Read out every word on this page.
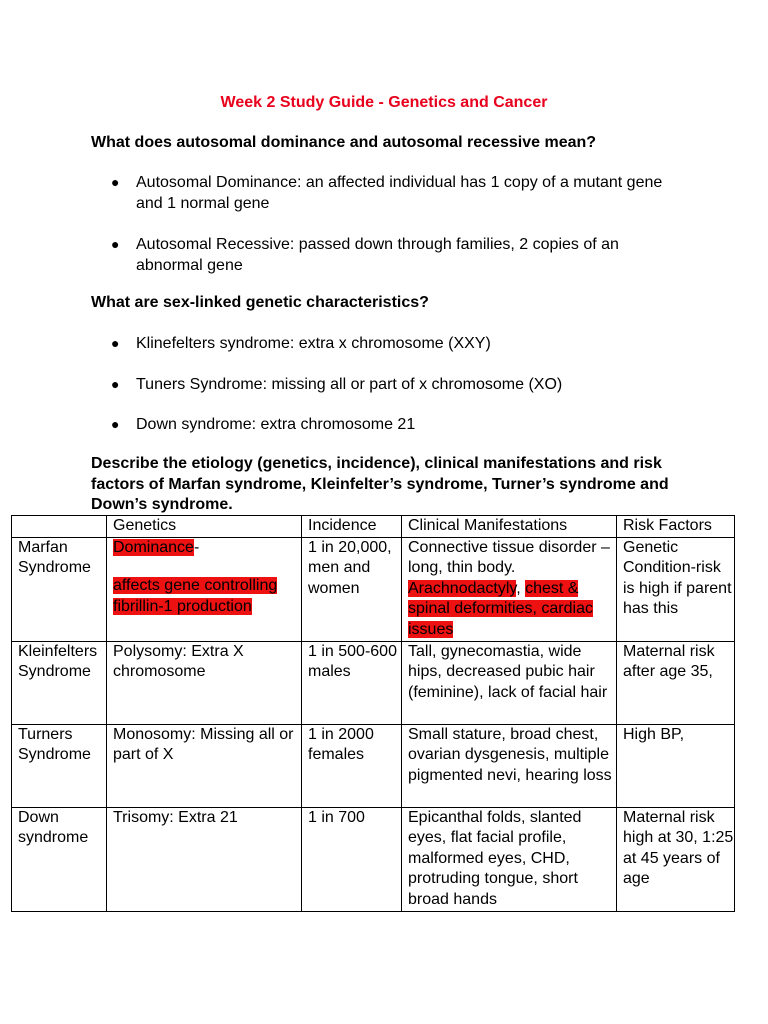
Week 2 Study Guide - Genetics and Cancer
What does autosomal dominance and autosomal recessive mean?
● Autosomal Dominance: an affected individual has 1 copy of a mutant gene and 1 normal gene
● Autosomal Recessive: passed down through families, 2 copies of an abnormal gene
What are sex-linked genetic characteristics?
● Klinefelters syndrome: extra x chromosome (XXY)
● Tuners Syndrome: missing all or part of x chromosome (XO)
● Down syndrome: extra chromosome 21
Describe the etiology (genetics, incidence), clinical manifestations and risk factors of Marfan syndrome, Kleinfelter’s syndrome, Turner’s syndrome and Down’s syndrome.
	Genetics	Incidence	Clinical Manifestations	Risk Factors
Marfan Syndrome	Dominance-
affects gene controlling fibrillin-1 production	1 in 20,000, men and women	Connective tissue disorder – long, thin body. Arachnodactyly, chest & spinal deformities, cardiac issues	Genetic Condition-risk is high if parent has this
Kleinfelters Syndrome	Polysomy: Extra X chromosome	1 in 500-600 males	Tall, gynecomastia, wide hips, decreased pubic hair (feminine), lack of facial hair	Maternal risk after age 35,
Turners Syndrome	Monosomy: Missing all or part of X	1 in 2000 females	Small stature, broad chest, ovarian dysgenesis, multiple pigmented nevi, hearing loss	High BP,
Down syndrome	Trisomy: Extra 21	1 in 700	Epicanthal folds, slanted eyes, flat facial profile, malformed eyes, CHD, protruding tongue, short broad hands	Maternal risk high at 30, 1:25 at 45 years of age
